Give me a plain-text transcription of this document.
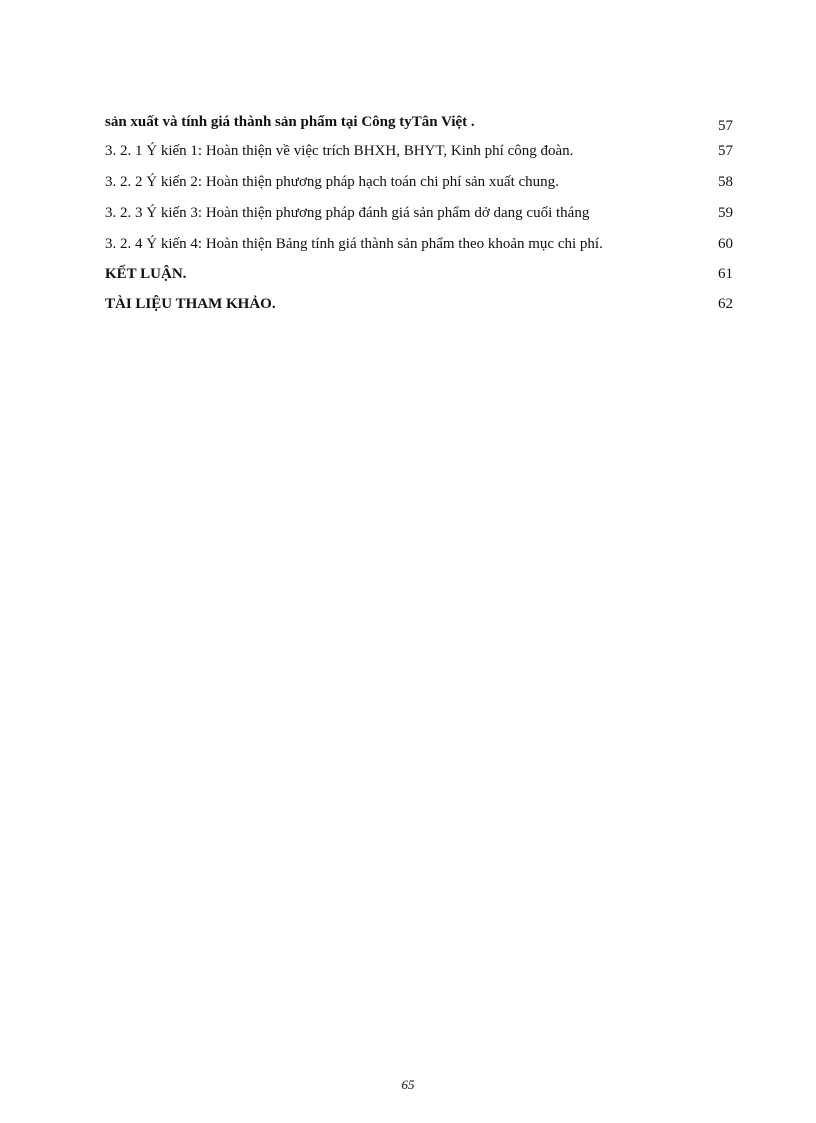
sản xuất và tính giá thành sản phẩm tại Công tyTân Việt .	57
3. 2. 1 Ý kiến 1: Hoàn thiện về việc trích BHXH, BHYT, Kinh phí công đoàn.	57
3. 2. 2 Ý kiến 2: Hoàn thiện phương pháp hạch toán chi phí sản xuất chung.	58
3. 2. 3 Ý kiến 3: Hoàn thiện phương pháp đánh giá sản phẩm dở dang cuối tháng	59
3. 2. 4 Ý kiến 4: Hoàn thiện Bảng tính giá thành sản phẩm theo khoản mục chi phí.	60
KẾT LUẬN.	61
TÀI LIỆU THAM KHẢO.	62
65
